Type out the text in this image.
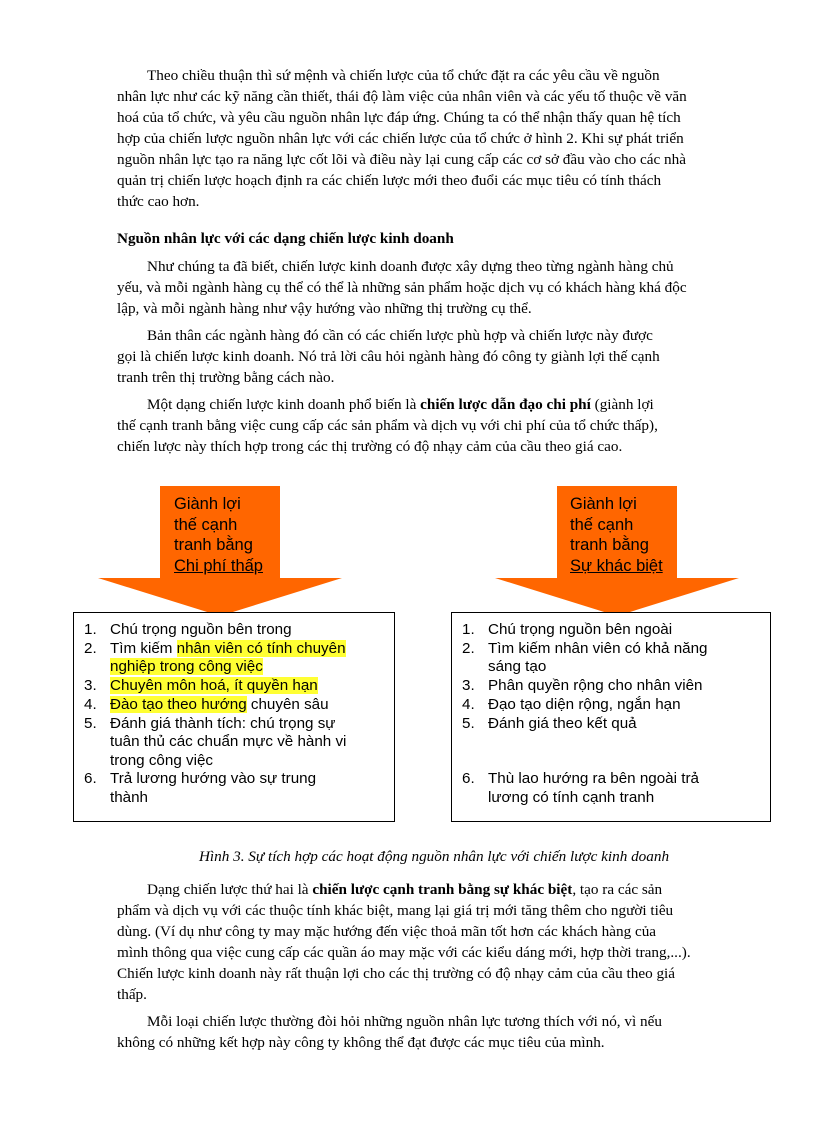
Theo chiều thuận thì sứ mệnh và chiến lược của tổ chức đặt ra các yêu cầu về nguồn
nhân lực như các kỹ năng cần thiết, thái độ làm việc của nhân viên và các yếu tố thuộc về văn
hoá của tổ chức, và yêu cầu nguồn nhân lực đáp ứng. Chúng ta có thể nhận thấy quan hệ tích
hợp của chiến lược nguồn nhân lực với các chiến lược của tổ chức ở hình 2. Khi sự phát triển
nguồn nhân lực tạo ra năng lực cốt lõi và điều này lại cung cấp các cơ sở đầu vào cho các nhà
quản trị chiến lược hoạch định ra các chiến lược mới theo đuổi các mục tiêu có tính thách
thức cao hơn.
Nguồn nhân lực với các dạng chiến lược kinh doanh
Như chúng ta đã biết, chiến lược kinh doanh được xây dựng theo từng ngành hàng chủ
yếu, và mỗi ngành hàng cụ thể có thể là những sản phẩm hoặc dịch vụ có khách hàng khá độc
lập, và mỗi ngành hàng như vậy hướng vào những thị trường cụ thể.
Bản thân các ngành hàng đó cần có các chiến lược phù hợp và chiến lược này được
gọi là chiến lược kinh doanh. Nó trả lời câu hỏi ngành hàng đó công ty giành lợi thế cạnh
tranh trên thị trường bằng cách nào.
Một dạng chiến lược kinh doanh phổ biến là chiến lược dẫn đạo chi phí (giành lợi
thế cạnh tranh bằng việc cung cấp các sản phẩm và dịch vụ với chi phí của tổ chức thấp),
chiến lược này thích hợp trong các thị trường có độ nhạy cảm của cầu theo giá cao.
Giành lợi
thế cạnh
tranh bằng
Chi phí thấp
Giành lợi
thế cạnh
tranh bằng
Sự khác biệt
1. Chú trọng nguồn bên trong
2. Tìm kiếm nhân viên có tính chuyên
nghiệp trong công việc
3. Chuyên môn hoá, ít quyền hạn
4. Đào tạo theo hướng chuyên sâu
5. Đánh giá thành tích: chú trọng sự
tuân thủ các chuẩn mực về hành vi
trong công việc
6. Trả lương hướng vào sự trung
thành
1. Chú trọng nguồn bên ngoài
2. Tìm kiếm nhân viên có khả năng
sáng tạo
3. Phân quyền rộng cho nhân viên
4. Đạo tạo diện rộng, ngắn hạn
5. Đánh giá theo kết quả
6. Thù lao hướng ra bên ngoài trả
lương có tính cạnh tranh
Hình 3. Sự tích hợp các hoạt động nguồn nhân lực với chiến lược kinh doanh
Dạng chiến lược thứ hai là chiến lược cạnh tranh bằng sự khác biệt, tạo ra các sản
phẩm và dịch vụ với các thuộc tính khác biệt, mang lại giá trị mới tăng thêm cho người tiêu
dùng. (Ví dụ như công ty may mặc hướng đến việc thoả mãn tốt hơn các khách hàng của
mình thông qua việc cung cấp các quần áo may mặc với các kiểu dáng mới, hợp thời trang,...).
Chiến lược kinh doanh này rất thuận lợi cho các thị trường có độ nhạy cảm của cầu theo giá
thấp.
Mỗi loại chiến lược thường đòi hỏi những nguồn nhân lực tương thích với nó, vì nếu
không có những kết hợp này công ty không thể đạt được các mục tiêu của mình.
